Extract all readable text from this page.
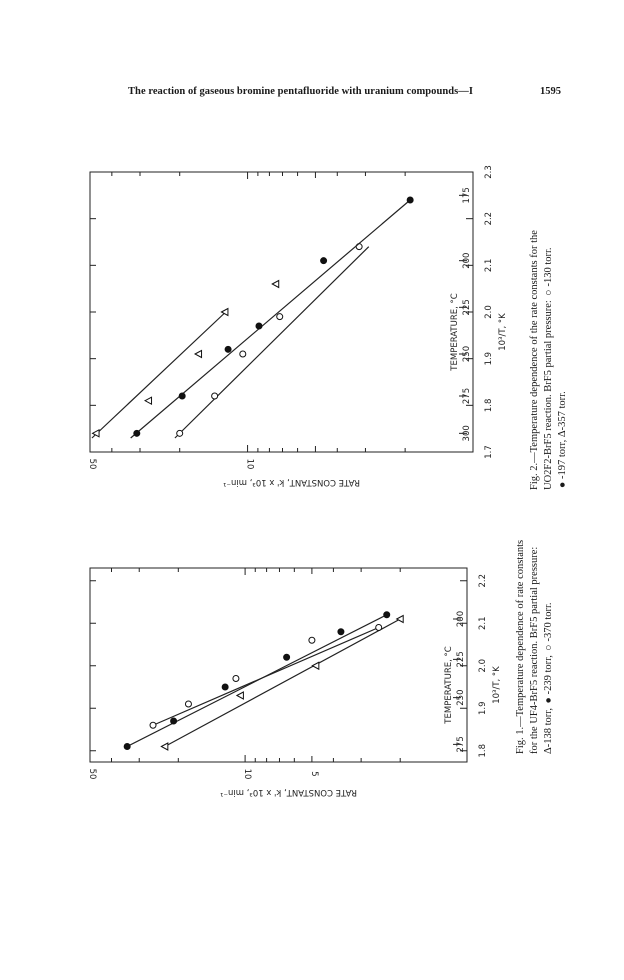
The reaction of gaseous bromine pentafluoride with uranium compounds—I	1595
50	10	5
RATE CONSTANT, k' x 10³, min⁻¹
1.8
1.9
2.0
2.1
2.2
10³/T, °K
275
250
225
200
TEMPERATURE, °C
50	10
RATE CONSTANT, k' x 10³, min⁻¹
1.7
1.8
1.9
2.0
2.1
2.2
2.3
10³/T, °K
300
275
250
225
200
175
TEMPERATURE, °C
Fig. 1.—Temperature dependence of rate constants for the UF4-BrF5 reaction. BrF5 partial pressure: Δ-138 torr, ●-239 torr, ○-370 torr.
Fig. 2.—Temperature dependence of the rate constants for the UO2F2-BrF5 reaction. BrF5 partial pressure: ○-130 torr. ●-197 torr, Δ-357 torr.
